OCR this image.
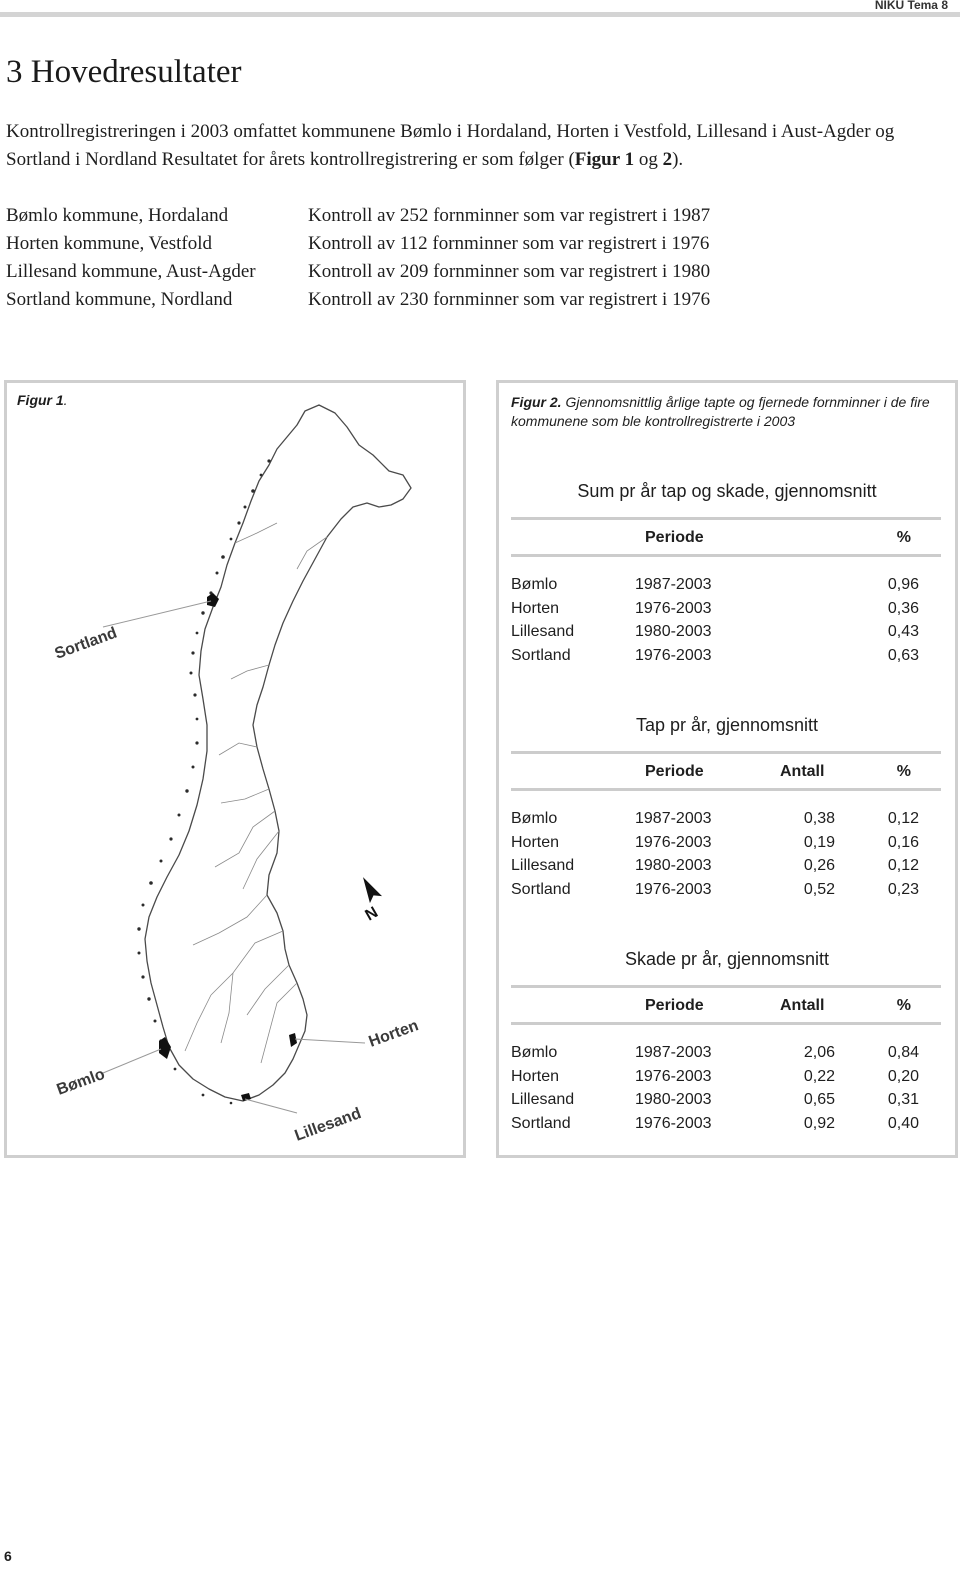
NIKU Tema 8
3 Hovedresultater

Kontrollregistreringen i 2003 omfattet kommunene Bømlo i Hordaland, Horten i Vestfold, Lillesand i Aust-Agder og Sortland i Nordland Resultatet for årets kontrollregistrering er som følger (Figur 1 og 2).

Bømlo kommune, Hordaland	Kontroll av 252 fornminner som var registrert i 1987
Horten kommune, Vestfold	Kontroll av 112 fornminner som var registrert i 1976
Lillesand kommune, Aust-Agder	Kontroll av 209 fornminner som var registrert i 1980
Sortland kommune, Nordland	Kontroll av 230 fornminner som var registrert i 1976
Figur 1.
Sortland
Bømlo
Horten
Lillesand
N
Figur 2. Gjennomsnittlig årlige tapte og fjernede fornminner i de fire kommunene som ble kontrollregistrerte i 2003
Sum pr år tap og skade, gjennomsnitt
Periode	%
Bømlo	1987-2003	0,96
Horten	1976-2003	0,36
Lillesand	1980-2003	0,43
Sortland	1976-2003	0,63
Tap pr år, gjennomsnitt
Periode	Antall	%
Bømlo	1987-2003	0,38	0,12
Horten	1976-2003	0,19	0,16
Lillesand	1980-2003	0,26	0,12
Sortland	1976-2003	0,52	0,23
Skade pr år, gjennomsnitt
Periode	Antall	%
Bømlo	1987-2003	2,06	0,84
Horten	1976-2003	0,22	0,20
Lillesand	1980-2003	0,65	0,31
Sortland	1976-2003	0,92	0,40
6
